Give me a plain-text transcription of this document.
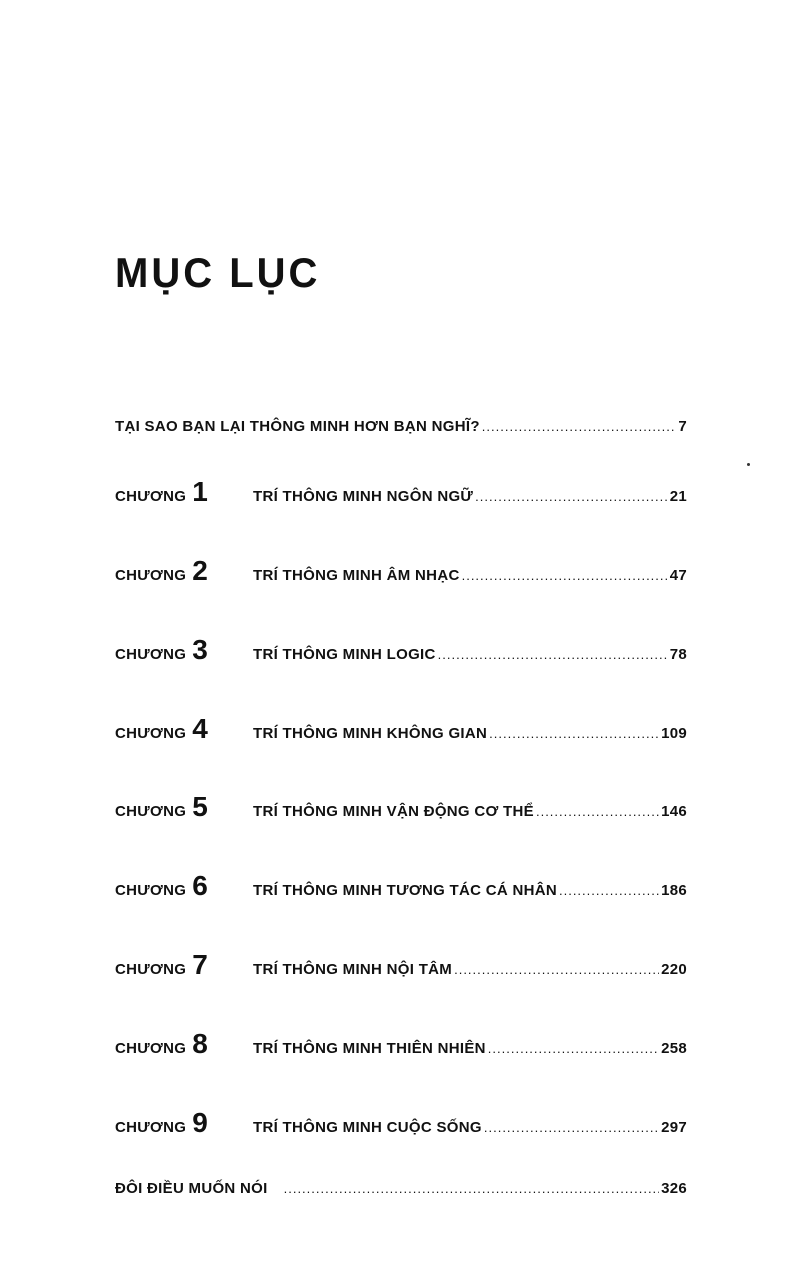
MỤC LỤC
TẠI SAO BẠN LẠI THÔNG MINH HƠN BẠN NGHĨ? .....	7
CHƯƠNG 1	TRÍ THÔNG MINH NGÔN NGỮ .....	21
CHƯƠNG 2	TRÍ THÔNG MINH ÂM NHẠC .....	47
CHƯƠNG 3	TRÍ THÔNG MINH LOGIC .....	78
CHƯƠNG 4	TRÍ THÔNG MINH KHÔNG GIAN .....	109
CHƯƠNG 5	TRÍ THÔNG MINH VẬN ĐỘNG CƠ THỂ .....	146
CHƯƠNG 6	TRÍ THÔNG MINH TƯƠNG TÁC CÁ NHÂN .....	186
CHƯƠNG 7	TRÍ THÔNG MINH NỘI TÂM .....	220
CHƯƠNG 8	TRÍ THÔNG MINH THIÊN NHIÊN .....	258
CHƯƠNG 9	TRÍ THÔNG MINH CUỘC SỐNG .....	297
ĐÔI ĐIỀU MUỐN NÓI .....	326
